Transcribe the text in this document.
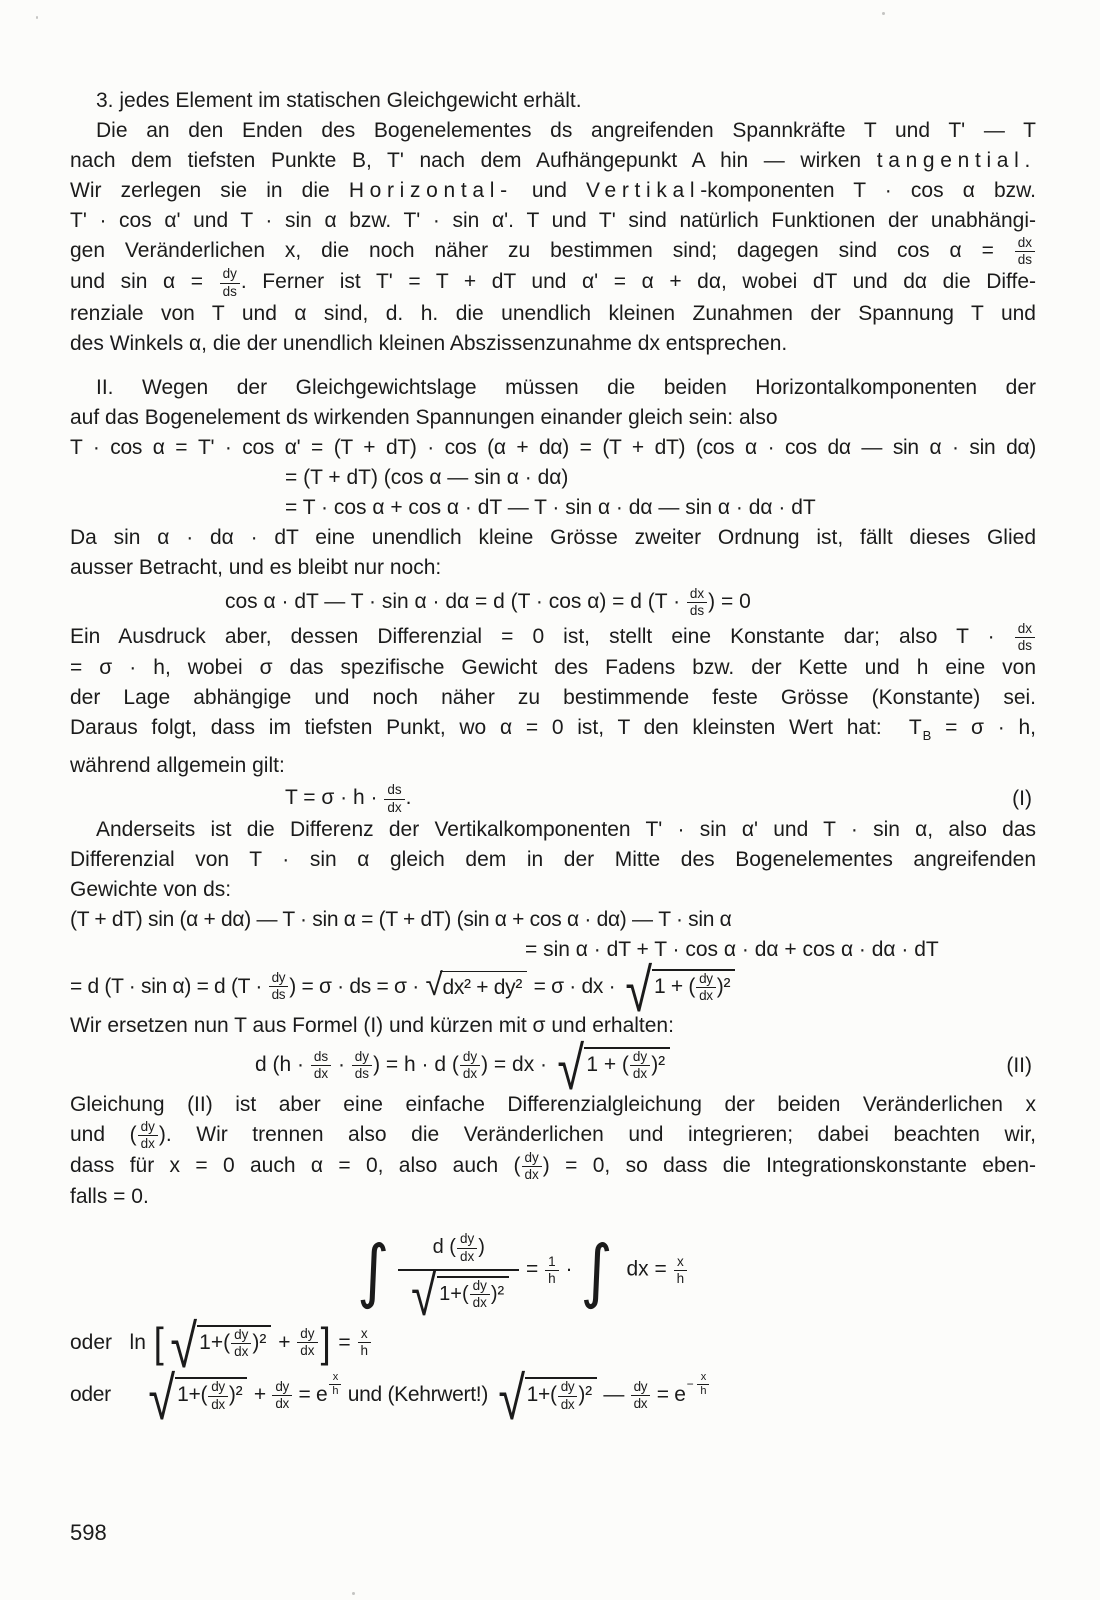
3. jedes Element im statischen Gleichgewicht erhält.
Die an den Enden des Bogenelementes ds angreifenden Spannkräfte T und T' — T
nach dem tiefsten Punkte B, T' nach dem Aufhängepunkt A hin — wirken tangential.
Wir zerlegen sie in die Horizontal- und Vertikal-komponenten T · cos α bzw.
T' · cos α' und T · sin α bzw. T' · sin α'. T und T' sind natürlich Funktionen der unabhängi-
gen Veränderlichen x, die noch näher zu bestimmen sind; dagegen sind $\cos \alpha = \frac{dx}{ds}$
und $\sin \alpha = \frac{dy}{ds}$ . Ferner ist T' = T + dT und α' = α + dα, wobei dT und dα die Diffe-
renziale von T und α sind, d. h. die unendlich kleinen Zunahmen der Spannung T und
des Winkels α, die der unendlich kleinen Abszissenzunahme dx entsprechen.
II. Wegen der Gleichgewichtslage müssen die beiden Horizontalkomponenten der
auf das Bogenelement ds wirkenden Spannungen einander gleich sein: also
T · cos α = T' · cos α' = (T + dT) · cos (α + dα) = (T + dT) (cos α · cos dα — sin α · sin dα)
= (T + dT) (cos α — sin α · dα)
= T · cos α + cos α · dT — T · sin α · dα — sin α · dα · dT
Da sin α · dα · dT eine unendlich kleine Grösse zweiter Ordnung ist, fällt dieses Glied
ausser Betracht, und es bleibt nur noch:
cos α · dT — T · sin α · dα = d (T · cos α) = d ($T \cdot \frac{dx}{ds}$ ) = 0
Ein Ausdruck aber, dessen Differenzial = 0 ist, stellt eine Konstante dar; also $T \cdot \frac{dx}{ds}$
= σ · h, wobei σ das spezifische Gewicht des Fadens bzw. der Kette und h eine von
der Lage abhängige und noch näher zu bestimmende feste Grösse (Konstante) sei.
Daraus folgt, dass im tiefsten Punkt, wo α = 0 ist, T den kleinsten Wert hat:  TB = σ · h,
während allgemein gilt:
$T = \sigma \cdot h \cdot \frac{ds}{dx}$ .	(I)
Anderseits ist die Differenz der Vertikalkomponenten T' · sin α' und T · sin α, also das
Differenzial von T · sin α gleich dem in der Mitte des Bogenelementes angreifenden
Gewichte von ds:
(T + dT) sin (α + dα) — T · sin α = (T + dT) (sin α + cos α · dα) — T · sin α
= sin α · dT + T · cos α · dα + cos α · dα · dT
= d (T · sin α) = d ($T \cdot \frac{dy}{ds}$ ) = σ · ds = σ · √ dx² + dy² = σ · dx · √ 1 + ( $\frac{dy}{dx} )^2$
Wir ersetzen nun T aus Formel (I) und kürzen mit σ und erhalten:
d ($h \cdot \frac{ds}{dx} \cdot \frac{dy}{ds}$ ) = h · d ( $\frac{dy}{dx}$ ) = dx · √ 1 + ( $\frac{dy}{dx} )^2$	(II)
Gleichung (II) ist aber eine einfache Differenzialgleichung der beiden Veränderlichen x
und ( $\frac{dy}{dx}$ ). Wir trennen also die Veränderlichen und integrieren; dabei beachten wir,
dass für x = 0 auch α = 0, also auch ( $\frac{dy}{dx}$ ) = 0, so dass die Integrationskonstante eben-
falls = 0.
∫ $\frac{d ( \frac{dy}{dx} )}{√ 1+( \frac{dy}{dx} )^2} = \frac{1}{h}$ · ∫ dx = $\frac{x}{h}$
oder   ln [ √ $1+( \frac{dy}{dx} )^2 + \frac{dy}{dx}$ ] = $\frac{x}{h}$
oder √ $1+( \frac{dy}{dx} )^2 + \frac{dy}{dx} = e \frac{x}{h}$ und (Kehrwert!) √ $1+( \frac{dy}{dx} )^2$ — $\frac{dy}{dx} = e- \frac{x}{h}$
598
